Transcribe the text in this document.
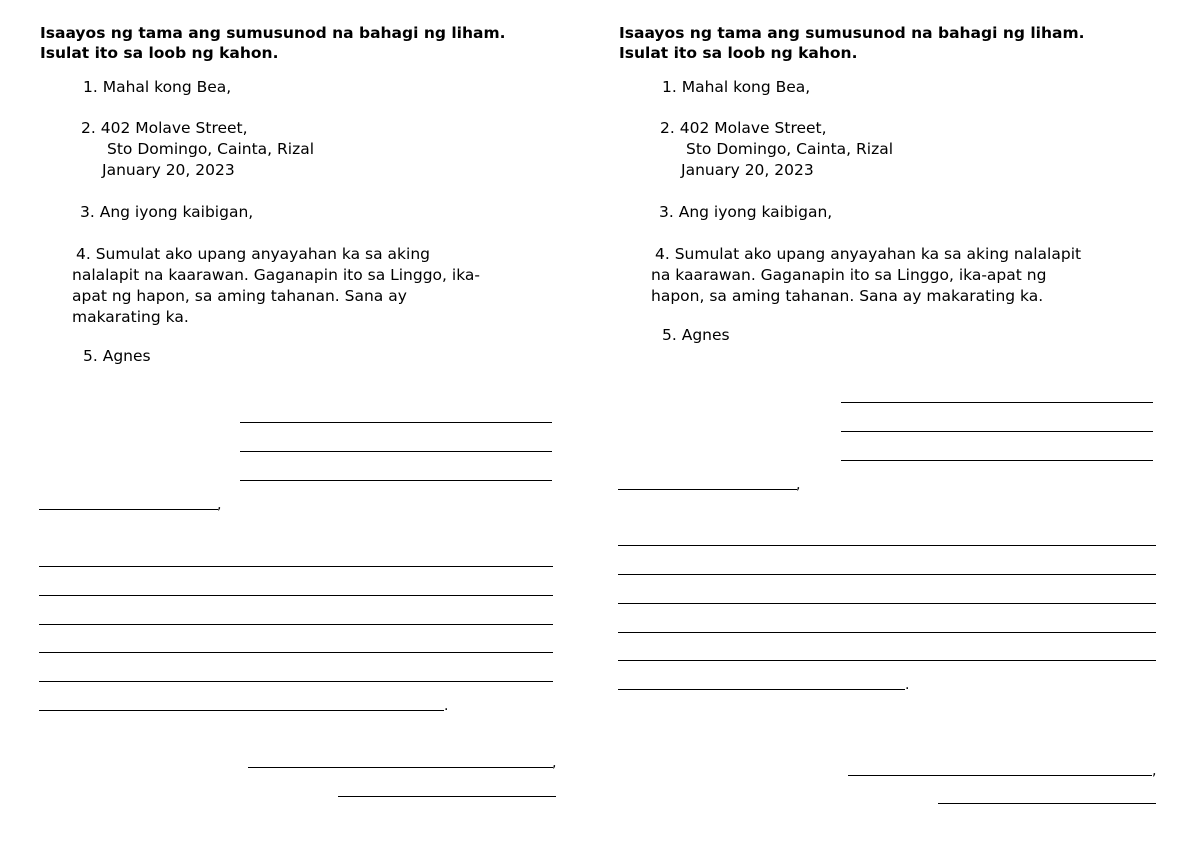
Isaayos ng tama ang sumusunod na bahagi ng liham.
Isulat ito sa loob ng kahon.
1. Mahal kong Bea,
2. 402 Molave Street,
Sto Domingo, Cainta, Rizal
January 20, 2023
3. Ang iyong kaibigan,
4. Sumulat ako upang anyayahan ka sa aking
nalalapit na kaarawan. Gaganapin ito sa Linggo, ika-
apat ng hapon, sa aming tahanan. Sana ay
makarating ka.
5. Agnes
,
.
,
Isaayos ng tama ang sumusunod na bahagi ng liham.
Isulat ito sa loob ng kahon.
1. Mahal kong Bea,
2. 402 Molave Street,
Sto Domingo, Cainta, Rizal
January 20, 2023
3. Ang iyong kaibigan,
4. Sumulat ako upang anyayahan ka sa aking nalalapit
na kaarawan. Gaganapin ito sa Linggo, ika-apat ng
hapon, sa aming tahanan. Sana ay makarating ka.
5. Agnes
,
.
,
